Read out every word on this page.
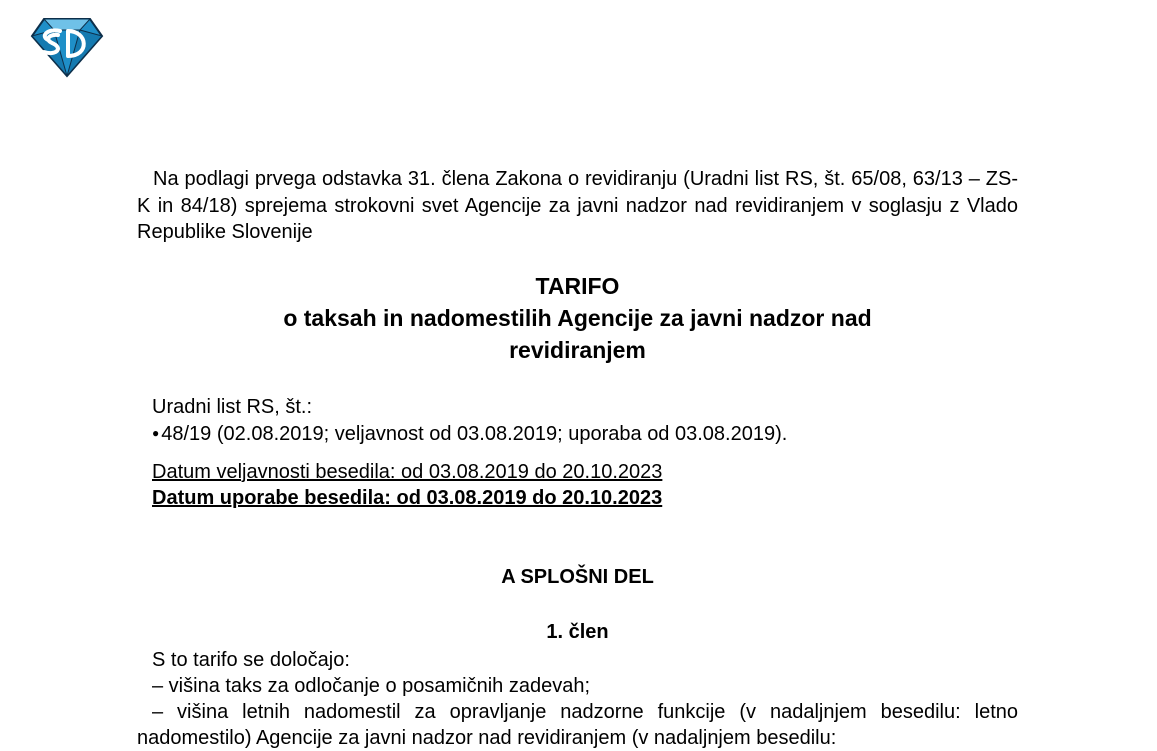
Na podlagi prvega odstavka 31. člena Zakona o revidiranju (Uradni list RS, št. 65/08, 63/13 – ZS-K in 84/18) sprejema strokovni svet Agencije za javni nadzor nad revidiranjem v soglasju z Vlado Republike Slovenije

TARIFO
o taksah in nadomestilih Agencije za javni nadzor nad
revidiranjem
Uradni list RS, št.:
● 48/19 (02.08.2019; veljavnost od 03.08.2019; uporaba od 03.08.2019).
Datum veljavnosti besedila: od 03.08.2019 do 20.10.2023
Datum uporabe besedila: od 03.08.2019 do 20.10.2023
A SPLOŠNI DEL
1. člen
S to tarifo se določajo:
– višina taks za odločanje o posamičnih zadevah;

– višina letnih nadomestil za opravljanje nadzorne funkcije (v nadaljnjem besedilu: letno nadomestilo) Agencije za javni nadzor nad revidiranjem (v nadaljnjem besedilu:
